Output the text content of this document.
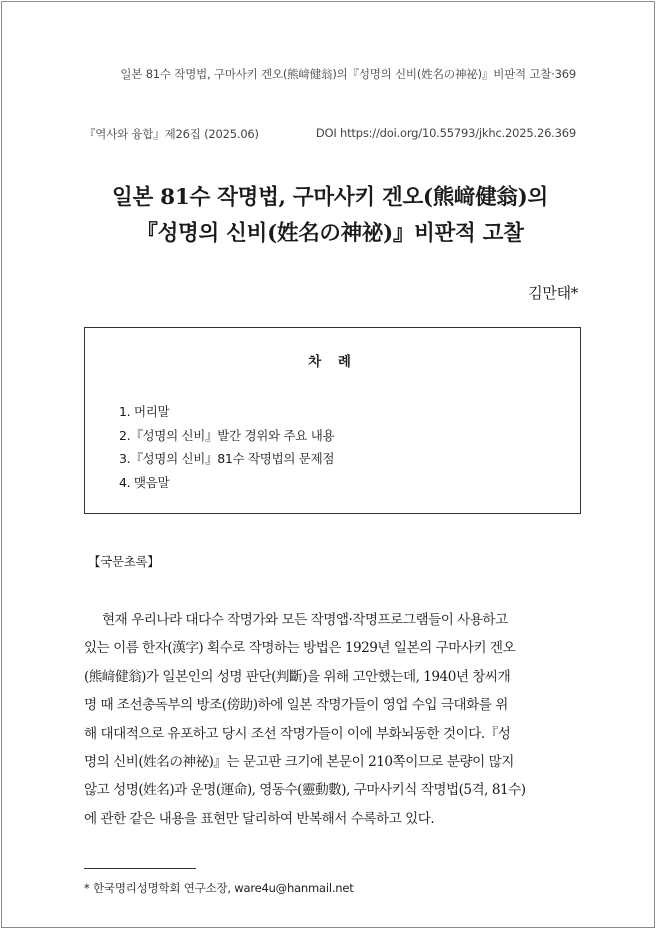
일본 81수 작명법, 구마사키 겐오(熊﨑健翁)의『성명의 신비(姓名の神祕)』비판적 고찰·369
『역사와 융합』제26집 (2025.06)	DOI https://doi.org/10.55793/jkhc.2025.26.369
일본 81수 작명법, 구마사키 겐오(熊﨑健翁)의
『성명의 신비(姓名の神祕)』비판적 고찰
김만태*
차 례
1. 머리말
2.『성명의 신비』발간 경위와 주요 내용
3.『성명의 신비』81수 작명법의 문제점
4. 맺음말
【국문초록】
현재 우리나라 대다수 작명가와 모든 작명앱·작명프로그램들이 사용하고
있는 이름 한자(漢字) 획수로 작명하는 방법은 1929년 일본의 구마사키 겐오
(熊﨑健翁)가 일본인의 성명 판단(判斷)을 위해 고안했는데, 1940년 창씨개
명 때 조선총독부의 방조(傍助)하에 일본 작명가들이 영업 수입 극대화를 위
해 대대적으로 유포하고 당시 조선 작명가들이 이에 부화뇌동한 것이다.『성
명의 신비(姓名の神祕)』는 문고판 크기에 본문이 210쪽이므로 분량이 많지
않고 성명(姓名)과 운명(運命), 영동수(靈動數), 구마사키식 작명법(5격, 81수)
에 관한 같은 내용을 표현만 달리하여 반복해서 수록하고 있다.
* 한국명리성명학회 연구소장, ware4u@hanmail.net
